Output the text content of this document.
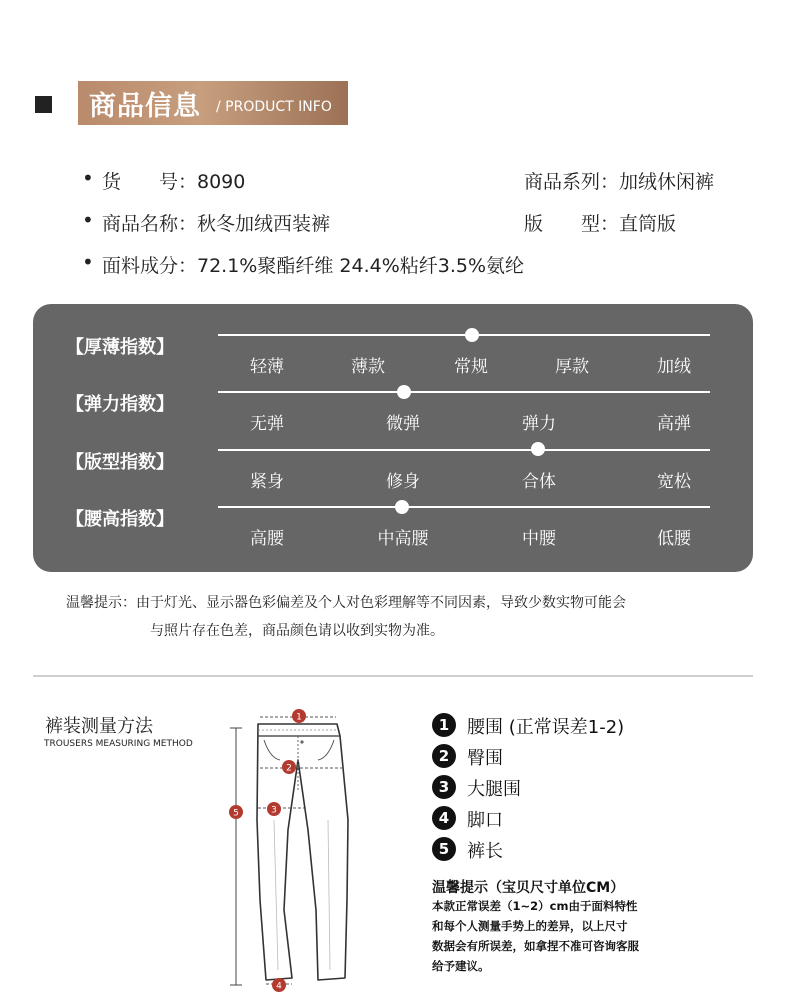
商品信息 / PRODUCT INFO
• 货　　号：8090	商品系列：加绒休闲裤
• 商品名称：秋冬加绒西装裤	版　　型：直筒版
• 面料成分：72.1%聚酯纤维 24.4%粘纤3.5%氨纶
【厚薄指数】
轻薄	薄款	常规	厚款	加绒
【弹力指数】
无弹	微弹	弹力	高弹
【版型指数】
紧身	修身	合体	宽松
【腰高指数】
高腰	中高腰	中腰	低腰
温馨提示：由于灯光、显示器色彩偏差及个人对色彩理解等不同因素，导致少数实物可能会
与照片存在色差，商品颜色请以收到实物为准。
裤装测量方法
TROUSERS MEASURING METHOD
1
2
3
4
5
1 腰围 (正常误差1-2)
2 臀围
3 大腿围
4 脚口
5 裤长
温馨提示（宝贝尺寸单位CM）
本款正常误差（1~2）cm由于面料特性
和每个人测量手势上的差异，以上尺寸
数据会有所误差，如拿捏不准可咨询客服
给予建议。
